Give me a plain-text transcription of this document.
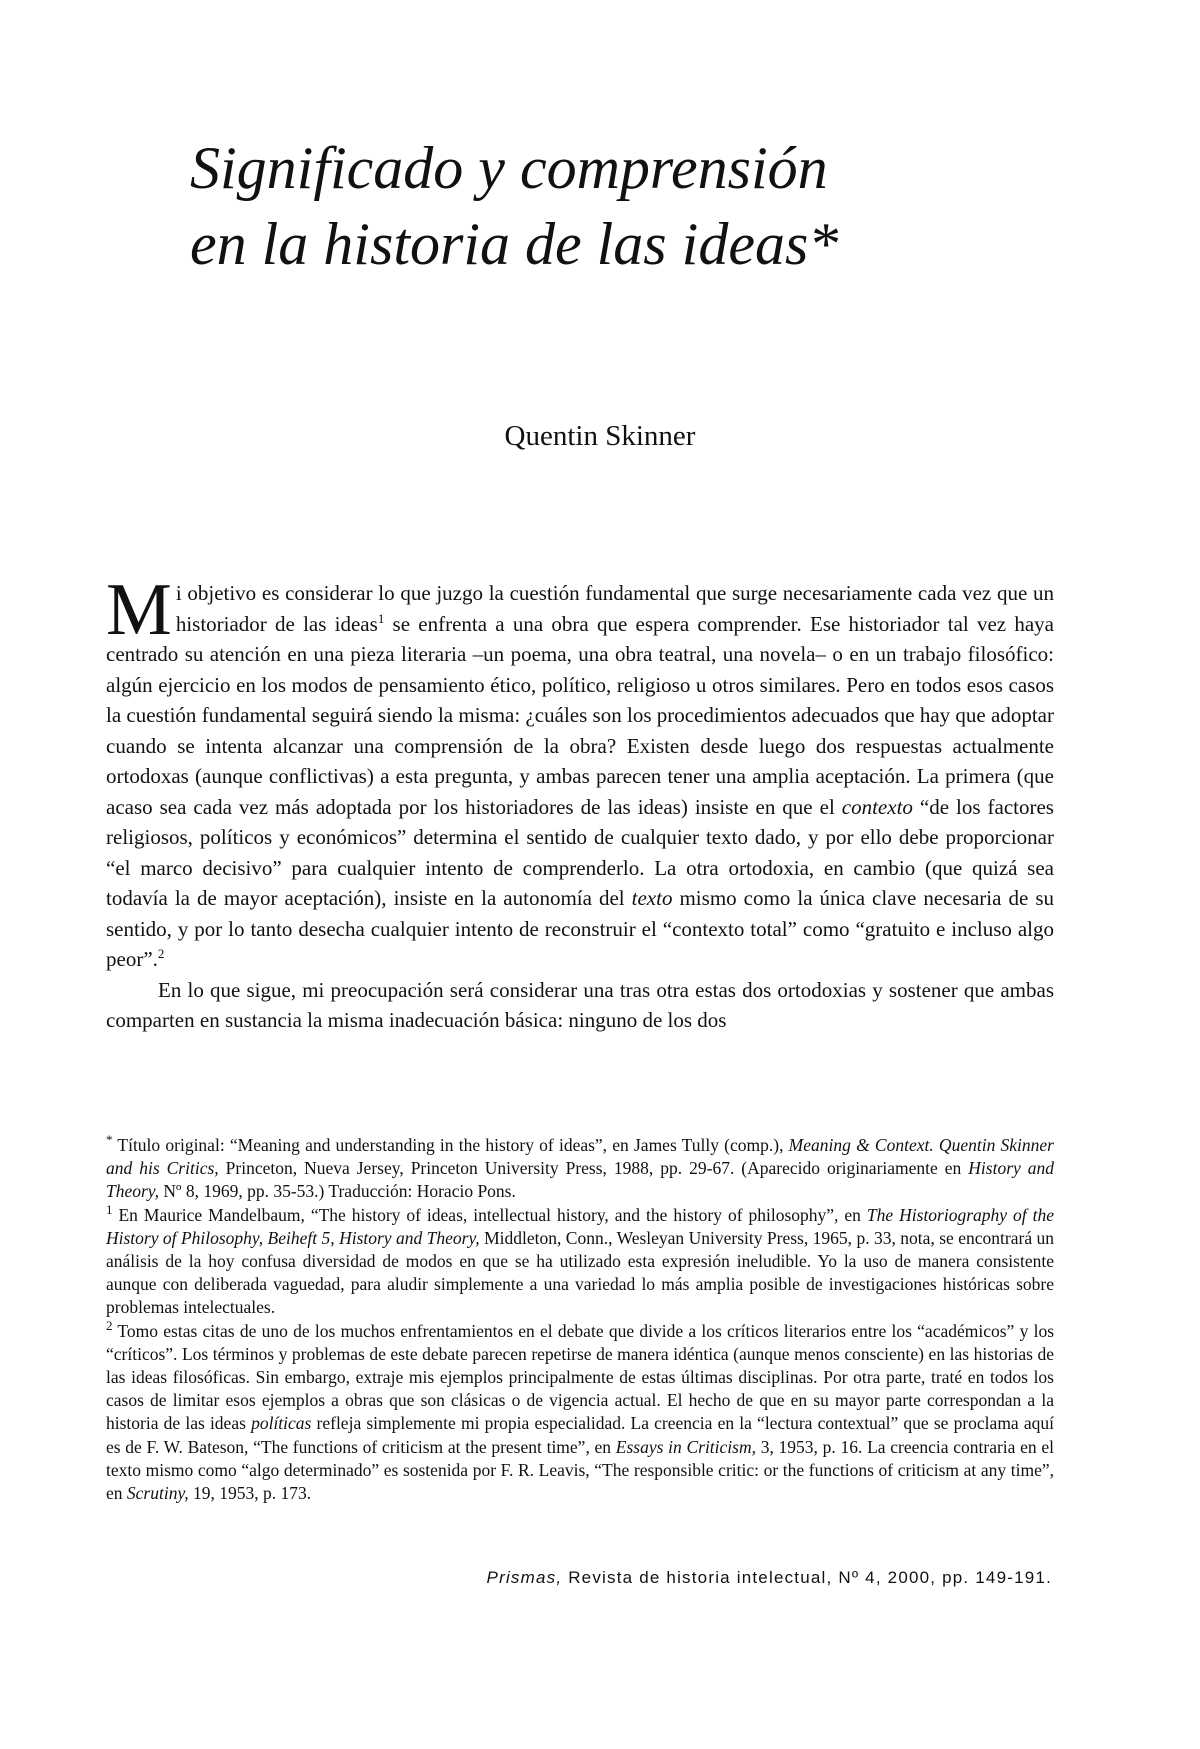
Significado y comprensión
en la historia de las ideas*
Quentin Skinner

Mi objetivo es considerar lo que juzgo la cuestión fundamental que surge necesariamente cada vez que un historiador de las ideas$^1$ se enfrenta a una obra que espera comprender. Ese historiador tal vez haya centrado su atención en una pieza literaria –un poema, una obra teatral, una novela– o en un trabajo filosófico: algún ejercicio en los modos de pensamiento ético, político, religioso u otros similares. Pero en todos esos casos la cuestión fundamental seguirá siendo la misma: ¿cuáles son los procedimientos adecuados que hay que adoptar cuando se intenta alcanzar una comprensión de la obra? Existen desde luego dos respuestas actualmente ortodoxas (aunque conflictivas) a esta pregunta, y ambas parecen tener una amplia aceptación. La primera (que acaso sea cada vez más adoptada por los historiadores de las ideas) insiste en que el contexto “de los factores religiosos, políticos y económicos” determina el sentido de cualquier texto dado, y por ello debe proporcionar “el marco decisivo” para cualquier intento de comprenderlo. La otra ortodoxia, en cambio (que quizá sea todavía la de mayor aceptación), insiste en la autonomía del texto mismo como la única clave necesaria de su sentido, y por lo tanto desecha cualquier intento de reconstruir el “contexto total” como “gratuito e incluso algo peor”.$^2$

En lo que sigue, mi preocupación será considerar una tras otra estas dos ortodoxias y sostener que ambas comparten en sustancia la misma inadecuación básica: ninguno de los dos

* Título original: “Meaning and understanding in the history of ideas”, en James Tully (comp.), Meaning & Context. Quentin Skinner and his Critics, Princeton, Nueva Jersey, Princeton University Press, 1988, pp. 29-67. (Aparecido originariamente en History and Theory, Nº 8, 1969, pp. 35-53.) Traducción: Horacio Pons.

$^1$ En Maurice Mandelbaum, “The history of ideas, intellectual history, and the history of philosophy”, en The Historiography of the History of Philosophy, Beiheft 5, History and Theory, Middleton, Conn., Wesleyan University Press, 1965, p. 33, nota, se encontrará un análisis de la hoy confusa diversidad de modos en que se ha utilizado esta expresión ineludible. Yo la uso de manera consistente aunque con deliberada vaguedad, para aludir simplemente a una variedad lo más amplia posible de investigaciones históricas sobre problemas intelectuales.

$^2$ Tomo estas citas de uno de los muchos enfrentamientos en el debate que divide a los críticos literarios entre los “académicos” y los “críticos”. Los términos y problemas de este debate parecen repetirse de manera idéntica (aunque menos consciente) en las historias de las ideas filosóficas. Sin embargo, extraje mis ejemplos principalmente de estas últimas disciplinas. Por otra parte, traté en todos los casos de limitar esos ejemplos a obras que son clásicas o de vigencia actual. El hecho de que en su mayor parte correspondan a la historia de las ideas políticas refleja simplemente mi propia especialidad. La creencia en la “lectura contextual” que se proclama aquí es de F. W. Bateson, “The functions of criticism at the present time”, en Essays in Criticism, 3, 1953, p. 16. La creencia contraria en el texto mismo como “algo determinado” es sostenida por F. R. Leavis, “The responsible critic: or the functions of criticism at any time”, en Scrutiny, 19, 1953, p. 173.

Prismas, Revista de historia intelectual, Nº 4, 2000, pp. 149-191.
